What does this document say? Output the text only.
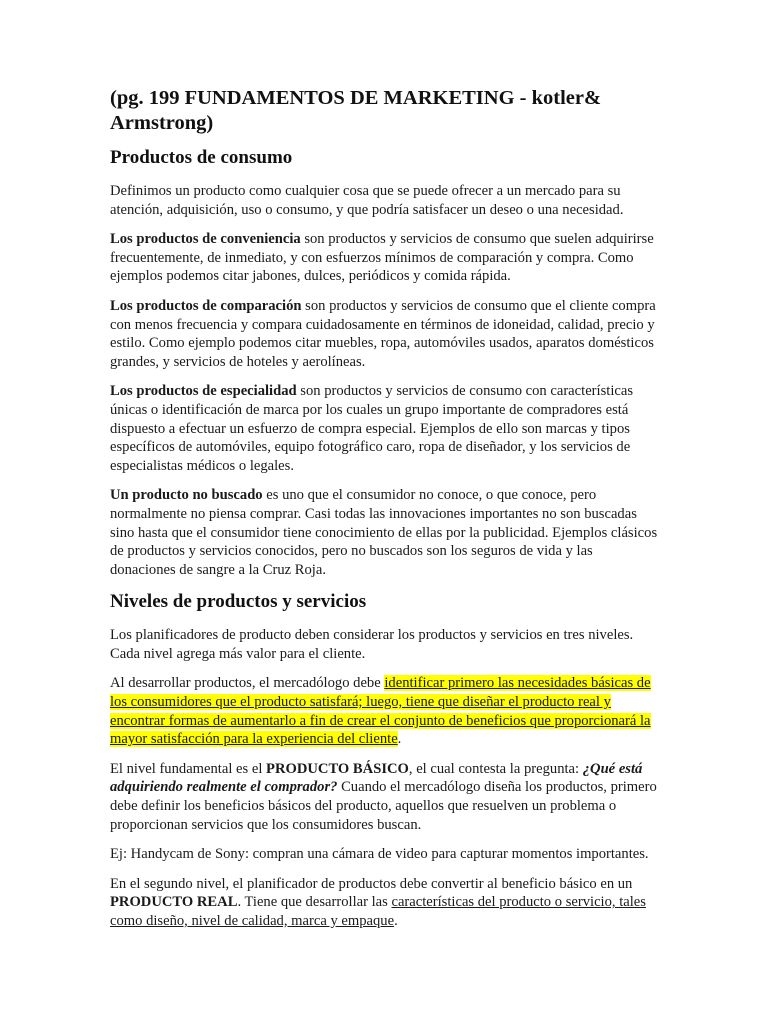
(pg. 199 FUNDAMENTOS DE MARKETING - kotler& Armstrong)
Productos de consumo

Definimos un producto como cualquier cosa que se puede ofrecer a un mercado para su atención, adquisición, uso o consumo, y que podría satisfacer un deseo o una necesidad.

Los productos de conveniencia son productos y servicios de consumo que suelen adquirirse frecuentemente, de inmediato, y con esfuerzos mínimos de comparación y compra. Como ejemplos podemos citar jabones, dulces, periódicos y comida rápida.

Los productos de comparación son productos y servicios de consumo que el cliente compra con menos frecuencia y compara cuidadosamente en términos de idoneidad, calidad, precio y estilo. Como ejemplo podemos citar muebles, ropa, automóviles usados, aparatos domésticos grandes, y servicios de hoteles y aerolíneas.

Los productos de especialidad son productos y servicios de consumo con características únicas o identificación de marca por los cuales un grupo importante de compradores está dispuesto a efectuar un esfuerzo de compra especial. Ejemplos de ello son marcas y tipos específicos de automóviles, equipo fotográfico caro, ropa de diseñador, y los servicios de especialistas médicos o legales.

Un producto no buscado es uno que el consumidor no conoce, o que conoce, pero normalmente no piensa comprar. Casi todas las innovaciones importantes no son buscadas sino hasta que el consumidor tiene conocimiento de ellas por la publicidad. Ejemplos clásicos de productos y servicios conocidos, pero no buscados son los seguros de vida y las donaciones de sangre a la Cruz Roja.

Niveles de productos y servicios

Los planificadores de producto deben considerar los productos y servicios en tres niveles. Cada nivel agrega más valor para el cliente.

Al desarrollar productos, el mercadólogo debe identificar primero las necesidades básicas de los consumidores que el producto satisfará; luego, tiene que diseñar el producto real y encontrar formas de aumentarlo a fin de crear el conjunto de beneficios que proporcionará la mayor satisfacción para la experiencia del cliente.

El nivel fundamental es el PRODUCTO BÁSICO, el cual contesta la pregunta: ¿Qué está adquiriendo realmente el comprador? Cuando el mercadólogo diseña los productos, primero debe definir los beneficios básicos del producto, aquellos que resuelven un problema o proporcionan servicios que los consumidores buscan.

Ej: Handycam de Sony: compran una cámara de video para capturar momentos importantes.

En el segundo nivel, el planificador de productos debe convertir al beneficio básico en un PRODUCTO REAL. Tiene que desarrollar las características del producto o servicio, tales como diseño, nivel de calidad, marca y empaque.
